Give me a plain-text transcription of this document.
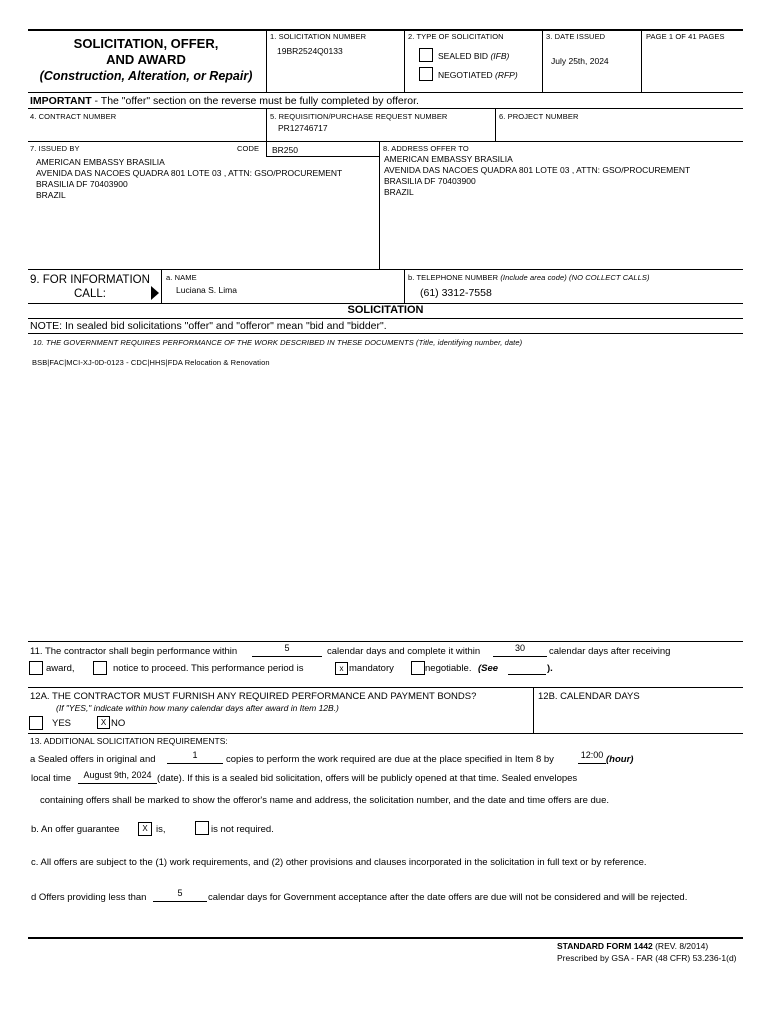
SOLICITATION, OFFER,
AND AWARD
(Construction, Alteration, or Repair)
1. SOLICITATION NUMBER
19BR2524Q0133
2. TYPE OF SOLICITATION
SEALED BID (IFB)
NEGOTIATED (RFP)
3. DATE ISSUED
July 25th, 2024
PAGE 1 OF 41 PAGES
IMPORTANT - The "offer" section on the reverse must be fully completed by offeror.
4. CONTRACT NUMBER	5. REQUISITION/PURCHASE REQUEST NUMBER
PR12746717
6. PROJECT NUMBER
7. ISSUED BY	CODE BR250
AMERICAN EMBASSY BRASILIA
AVENIDA DAS NACOES QUADRA 801 LOTE 03 , ATTN: GSO/PROCUREMENT
BRASILIA DF 70403900
BRAZIL
8. ADDRESS OFFER TO
AMERICAN EMBASSY BRASILIA
AVENIDA DAS NACOES QUADRA 801 LOTE 03 , ATTN: GSO/PROCUREMENT
BRASILIA DF 70403900
BRAZIL
9. FOR INFORMATION
CALL:
a. NAME
Luciana S. Lima
b. TELEPHONE NUMBER (Include area code) (NO COLLECT CALLS)
(61) 3312-7558
SOLICITATION
NOTE: In sealed bid solicitations "offer" and "offeror" mean "bid and "bidder".
10. THE GOVERNMENT REQUIRES PERFORMANCE OF THE WORK DESCRIBED IN THESE DOCUMENTS (Title, identifying number, date)
BSB|FAC|MCI-XJ-0D-0123 - CDC|HHS|FDA Relocation & Renovation
11. The contractor shall begin performance within	5	calendar days and complete it within	30	calendar days after receiving
award,	notice to proceed. This performance period is	x mandatory	negotiable. (See	).
12A. THE CONTRACTOR MUST FURNISH ANY REQUIRED PERFORMANCE AND PAYMENT BONDS?
(If "YES," indicate within how many calendar days after award in Item 12B.)
YES	X NO
12B. CALENDAR DAYS
13. ADDITIONAL SOLICITATION REQUIREMENTS:
a Sealed offers in original and	1	copies to perform the work required are due at the place specified in Item 8 by	12:00 (hour)
local time	August 9th, 2024 (date). If this is a sealed bid solicitation, offers will be publicly opened at that time. Sealed envelopes
containing offers shall be marked to show the offeror's name and address, the solicitation number, and the date and time offers are due.
b. An offer guarantee	X is,	is not required.
c. All offers are subject to the (1) work requirements, and (2) other provisions and clauses incorporated in the solicitation in full text or by reference.
d Offers providing less than	5	calendar days for Government acceptance after the date offers are due will not be considered and will be rejected.
STANDARD FORM 1442 (REV. 8/2014)
Prescribed by GSA - FAR (48 CFR) 53.236-1(d)
